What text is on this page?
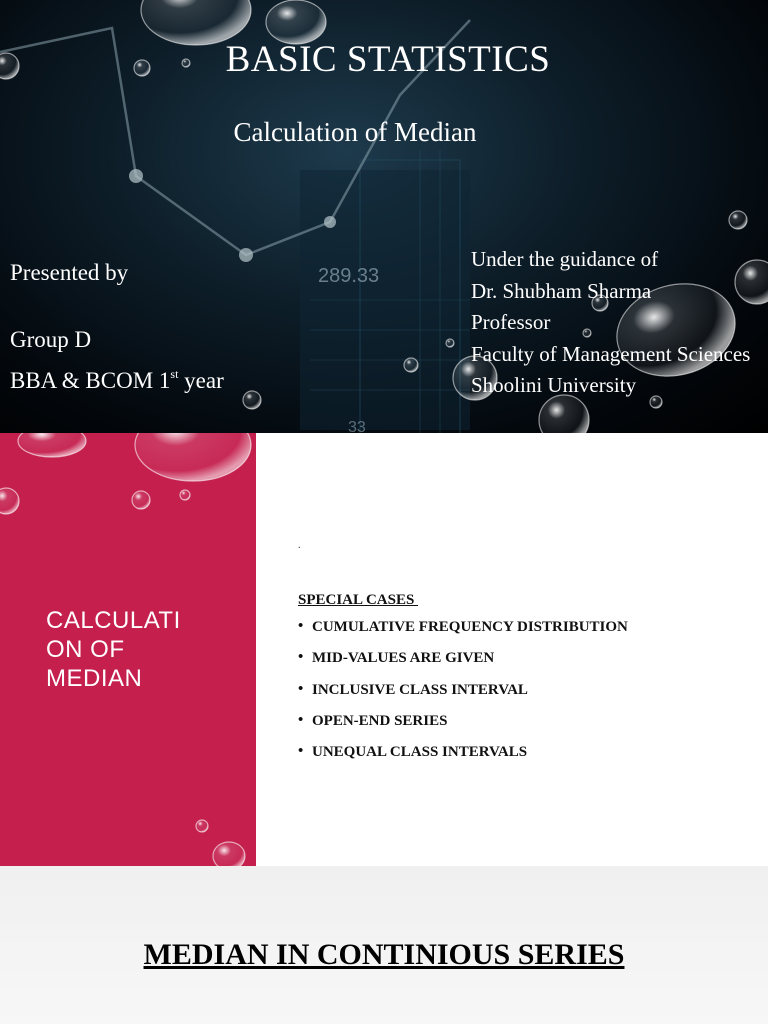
289.33
33
BASIC STATISTICS
Calculation of Median
Presented by
Group D
BBA & BCOM 1st year
Under the guidance of
Dr. Shubham Sharma
Professor
Faculty of Management Sciences
Shoolini University
CALCULATI ON OF MEDIAN
.
SPECIAL CASES
• CUMULATIVE FREQUENCY DISTRIBUTION
• MID-VALUES ARE GIVEN
• INCLUSIVE CLASS INTERVAL
• OPEN-END SERIES
• UNEQUAL CLASS INTERVALS
MEDIAN IN CONTINIOUS SERIES
